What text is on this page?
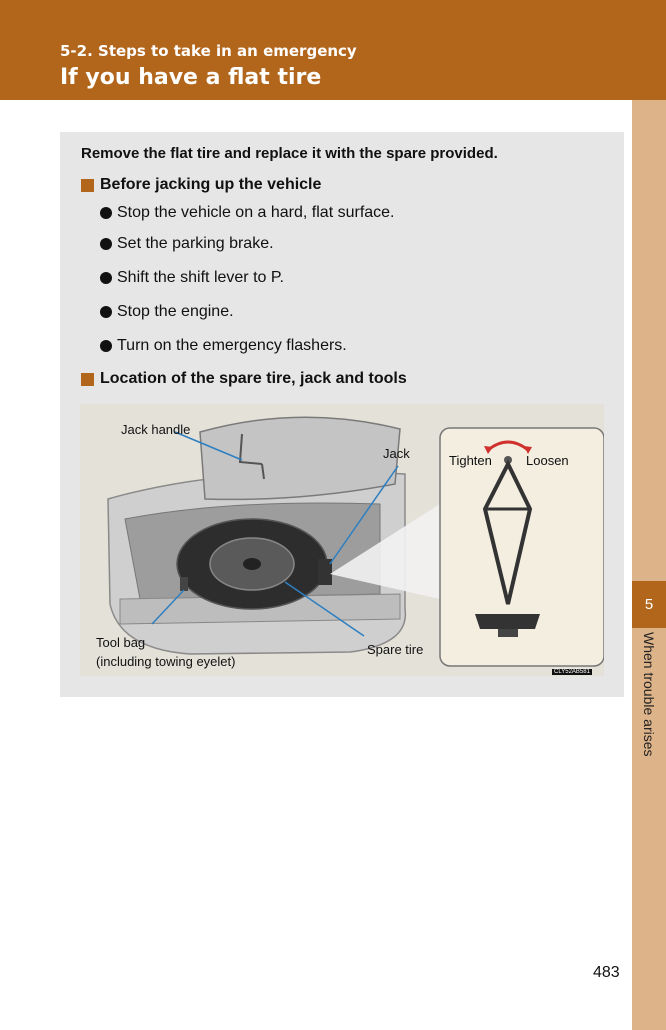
5-2. Steps to take in an emergency
If you have a flat tire
5
When trouble arises
Remove the flat tire and replace it with the spare provided.
Before jacking up the vehicle
Stop the vehicle on a hard, flat surface.
Set the parking brake.
Shift the shift lever to P.
Stop the engine.
Turn on the emergency flashers.
Location of the spare tire, jack and tools
Jack handle
Jack	Tighten	Loosen
Tool bag
(including towing eyelet)
Spare tire
CLY52AB581
483
